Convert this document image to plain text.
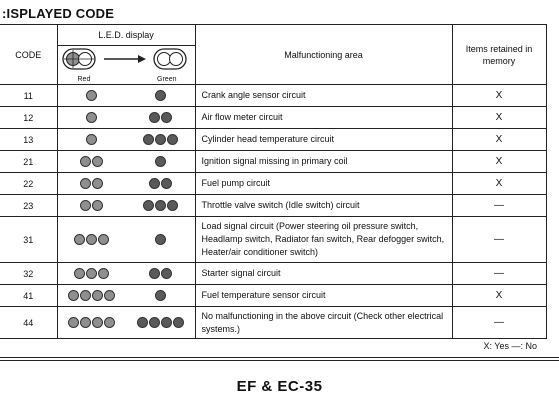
:ISPLAYED CODE
CODE	L.E.D. display		Malfunctioning area	Items retained in memory

	Red Green			

11			Crank angle sensor circuit	X
12			Air flow meter circuit	X
13			Cylinder head temperature circuit	X
21			Ignition signal missing in primary coil	X
22			Fuel pump circuit	X
23			Throttle valve switch (Idle switch) circuit	—
31			Load signal circuit (Power steering oil pressure switch, Headlamp switch, Radiator fan switch, Rear defogger switch, Heater/air conditioner switch)	—
32			Starter signal circuit	—
41			Fuel temperature sensor circuit	X
44			No malfunctioning in the above circuit (Check other electrical systems.)	—
X: Yes —: No
EF & EC-35
